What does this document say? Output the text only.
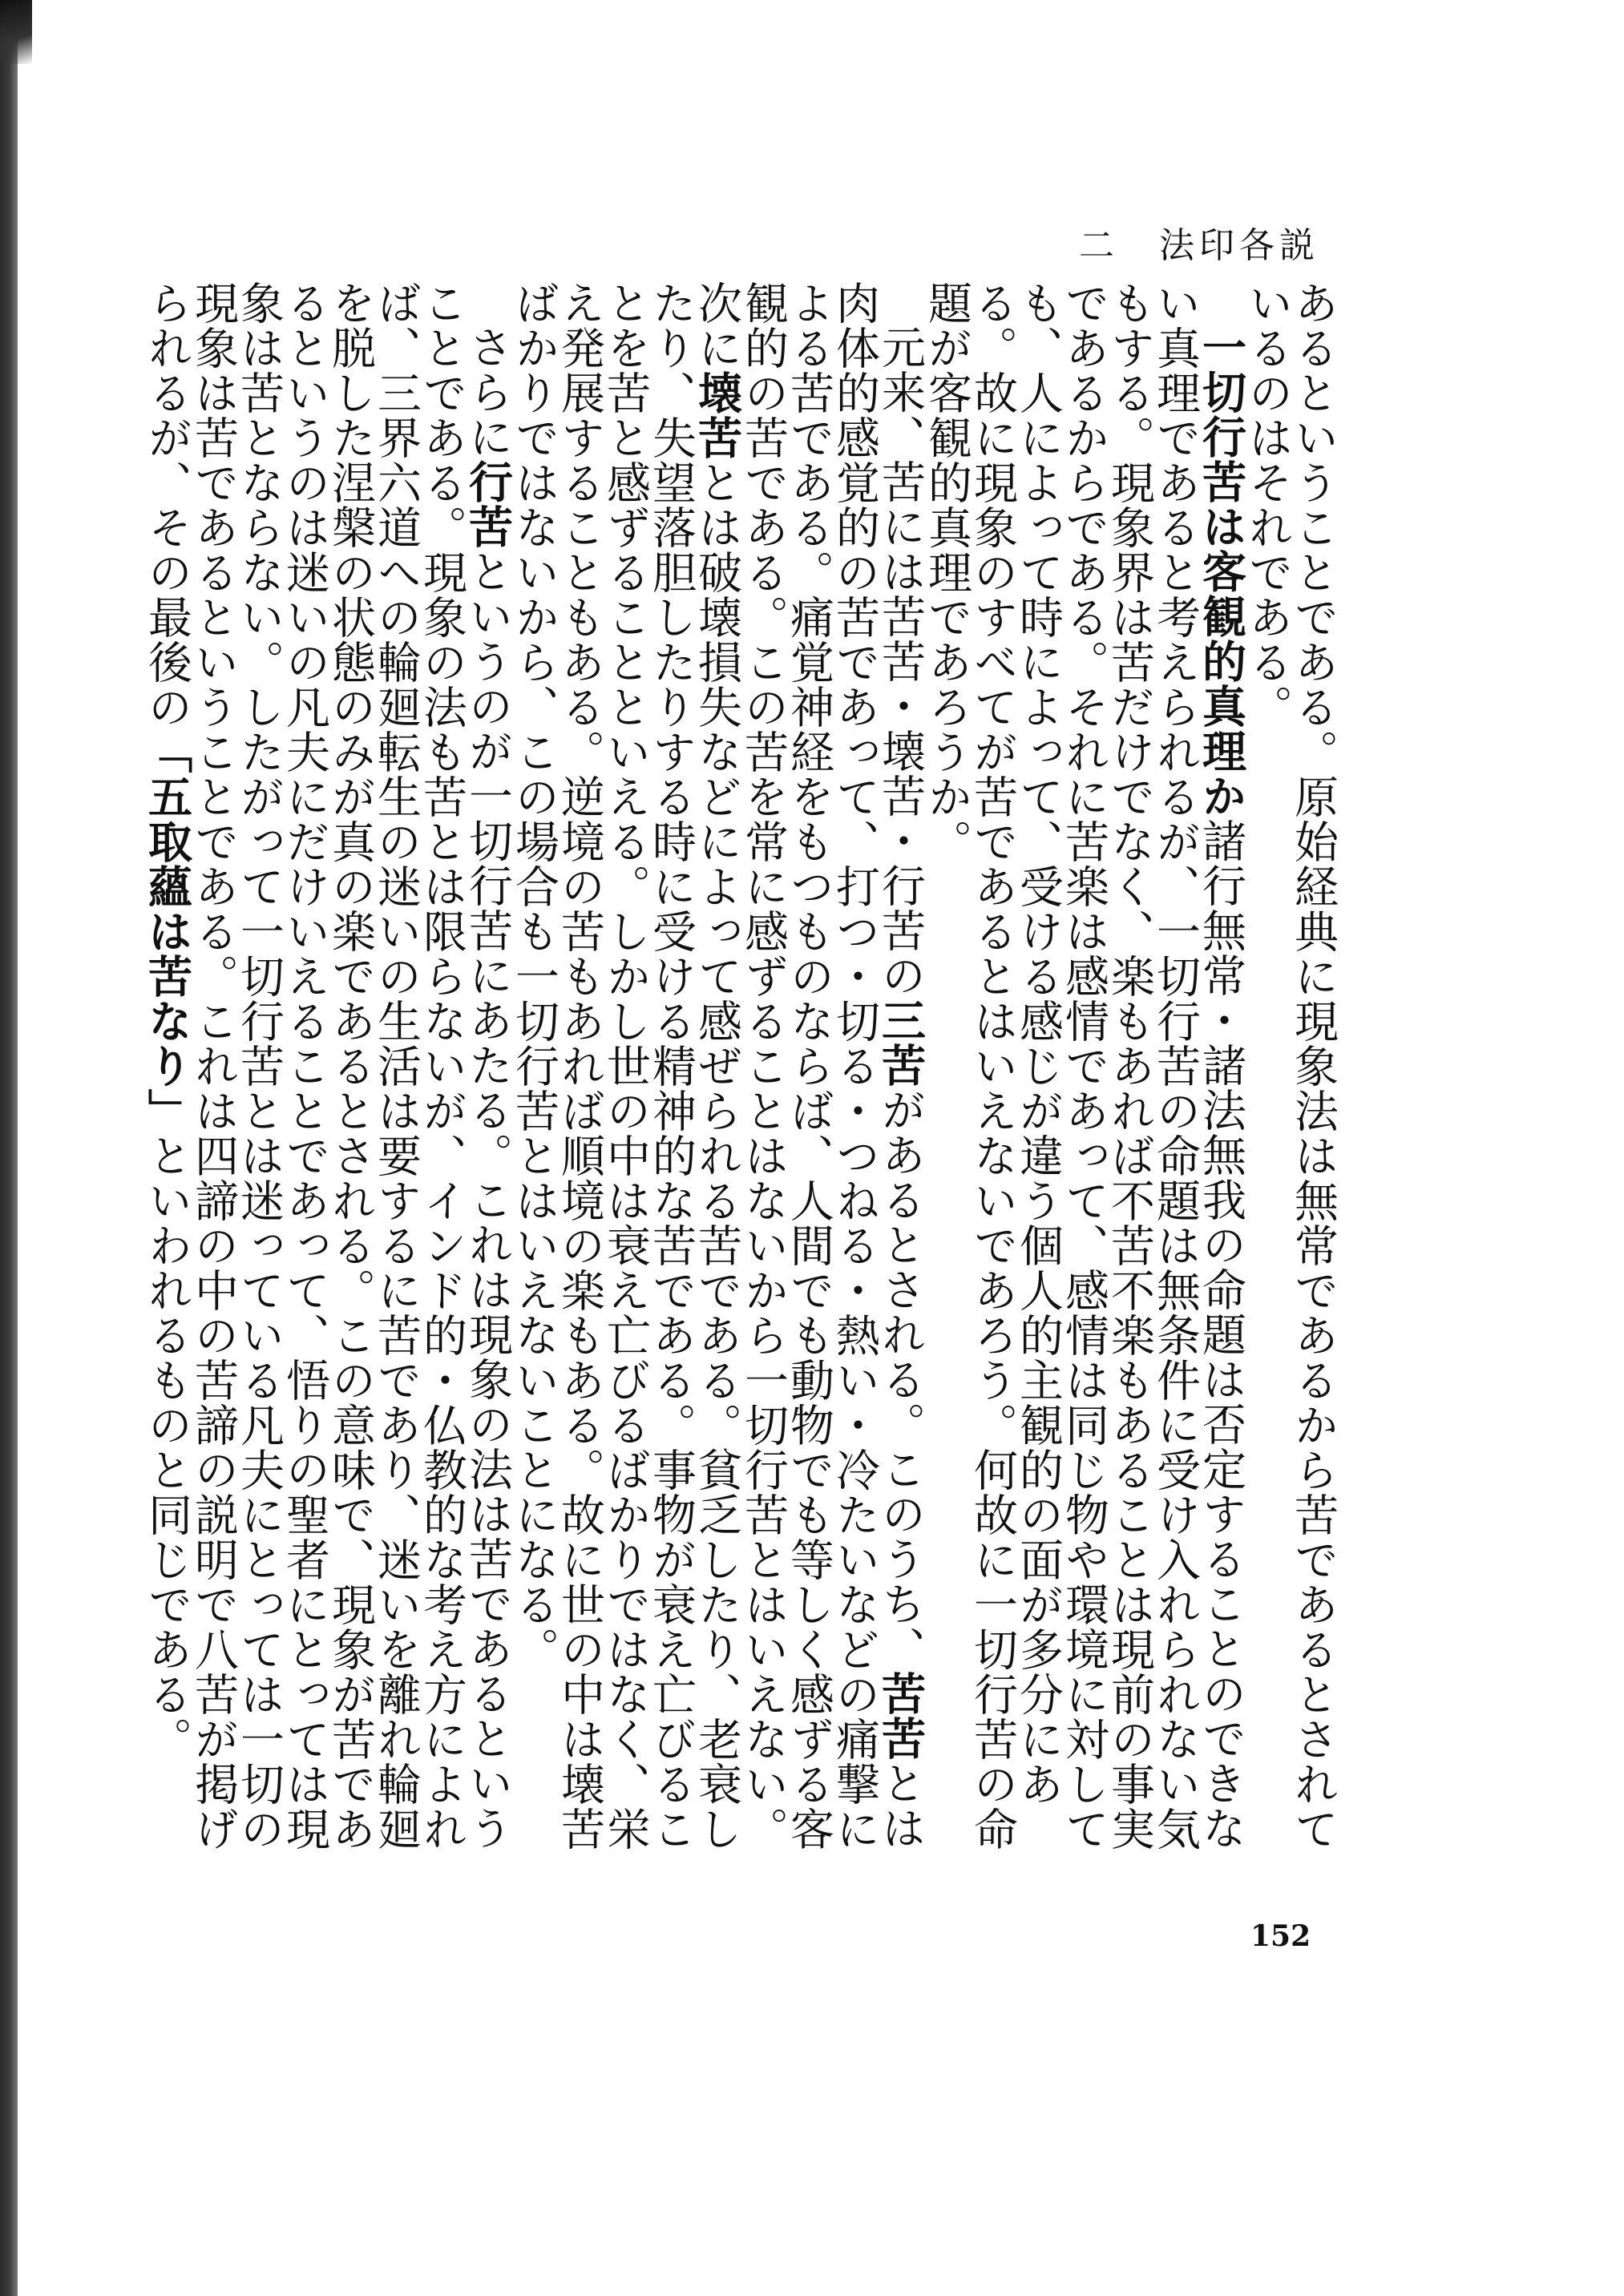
二　法印各説

あるということである。原始経典に現象法は無常であるから苦であるとされているのはそれである。

一切行苦は客観的真理か諸行無常・諸法無我の命題は否定することのできない真理であると考えられるが、一切行苦の命題は無条件に受け入れられない気もする。現象界は苦だけでなく、楽もあれば不苦不楽もあることは現前の事実であるからである。それに苦楽は感情であって、感情は同じ物や環境に対しても、人によって時によって、受ける感じが違う個人的主観的の面が多分にある。故に現象のすべてが苦であるとはいえないであろう。何故に一切行苦の命題が客観的真理であろうか。

元来、苦には苦苦・壊苦・行苦の三苦があるとされる。このうち、苦苦とは肉体的感覚的の苦であって、打つ・切る・つねる・熱い・冷たいなどの痛撃による苦である。痛覚神経をもつものならば、人間でも動物でも等しく感ずる客観的の苦である。この苦を常に感ずることはないから一切行苦とはいえない。次に壊苦とは破壊損失などによって感ぜられる苦である。貧乏したり、老衰したり、失望落胆したりする時に受ける精神的な苦である。事物が衰え亡びることを苦と感ずることといえる。しかし世の中は衰え亡びるばかりではなく、栄え発展することもある。逆境の苦もあれば順境の楽もある。故に世の中は壊苦ばかりではないから、この場合も一切行苦とはいえないことになる。

さらに行苦というのが一切行苦にあたる。これは現象の法は苦であるということである。現象の法も苦とは限らないが、インド的・仏教的な考え方によれば、三界六道への輪廻転生の迷いの生活は要するに苦であり、迷いを離れ輪廻を脱した涅槃の状態のみが真の楽であるとされる。この意味で、現象が苦であるというのは迷いの凡夫にだけいえることであって、悟りの聖者にとっては現象は苦とならない。したがって一切行苦とは迷っている凡夫にとっては一切の現象は苦であるということである。これは四諦の中の苦諦の説明で八苦が掲げられるが、その最後の「五取蘊は苦なり」といわれるものと同じである。

152
